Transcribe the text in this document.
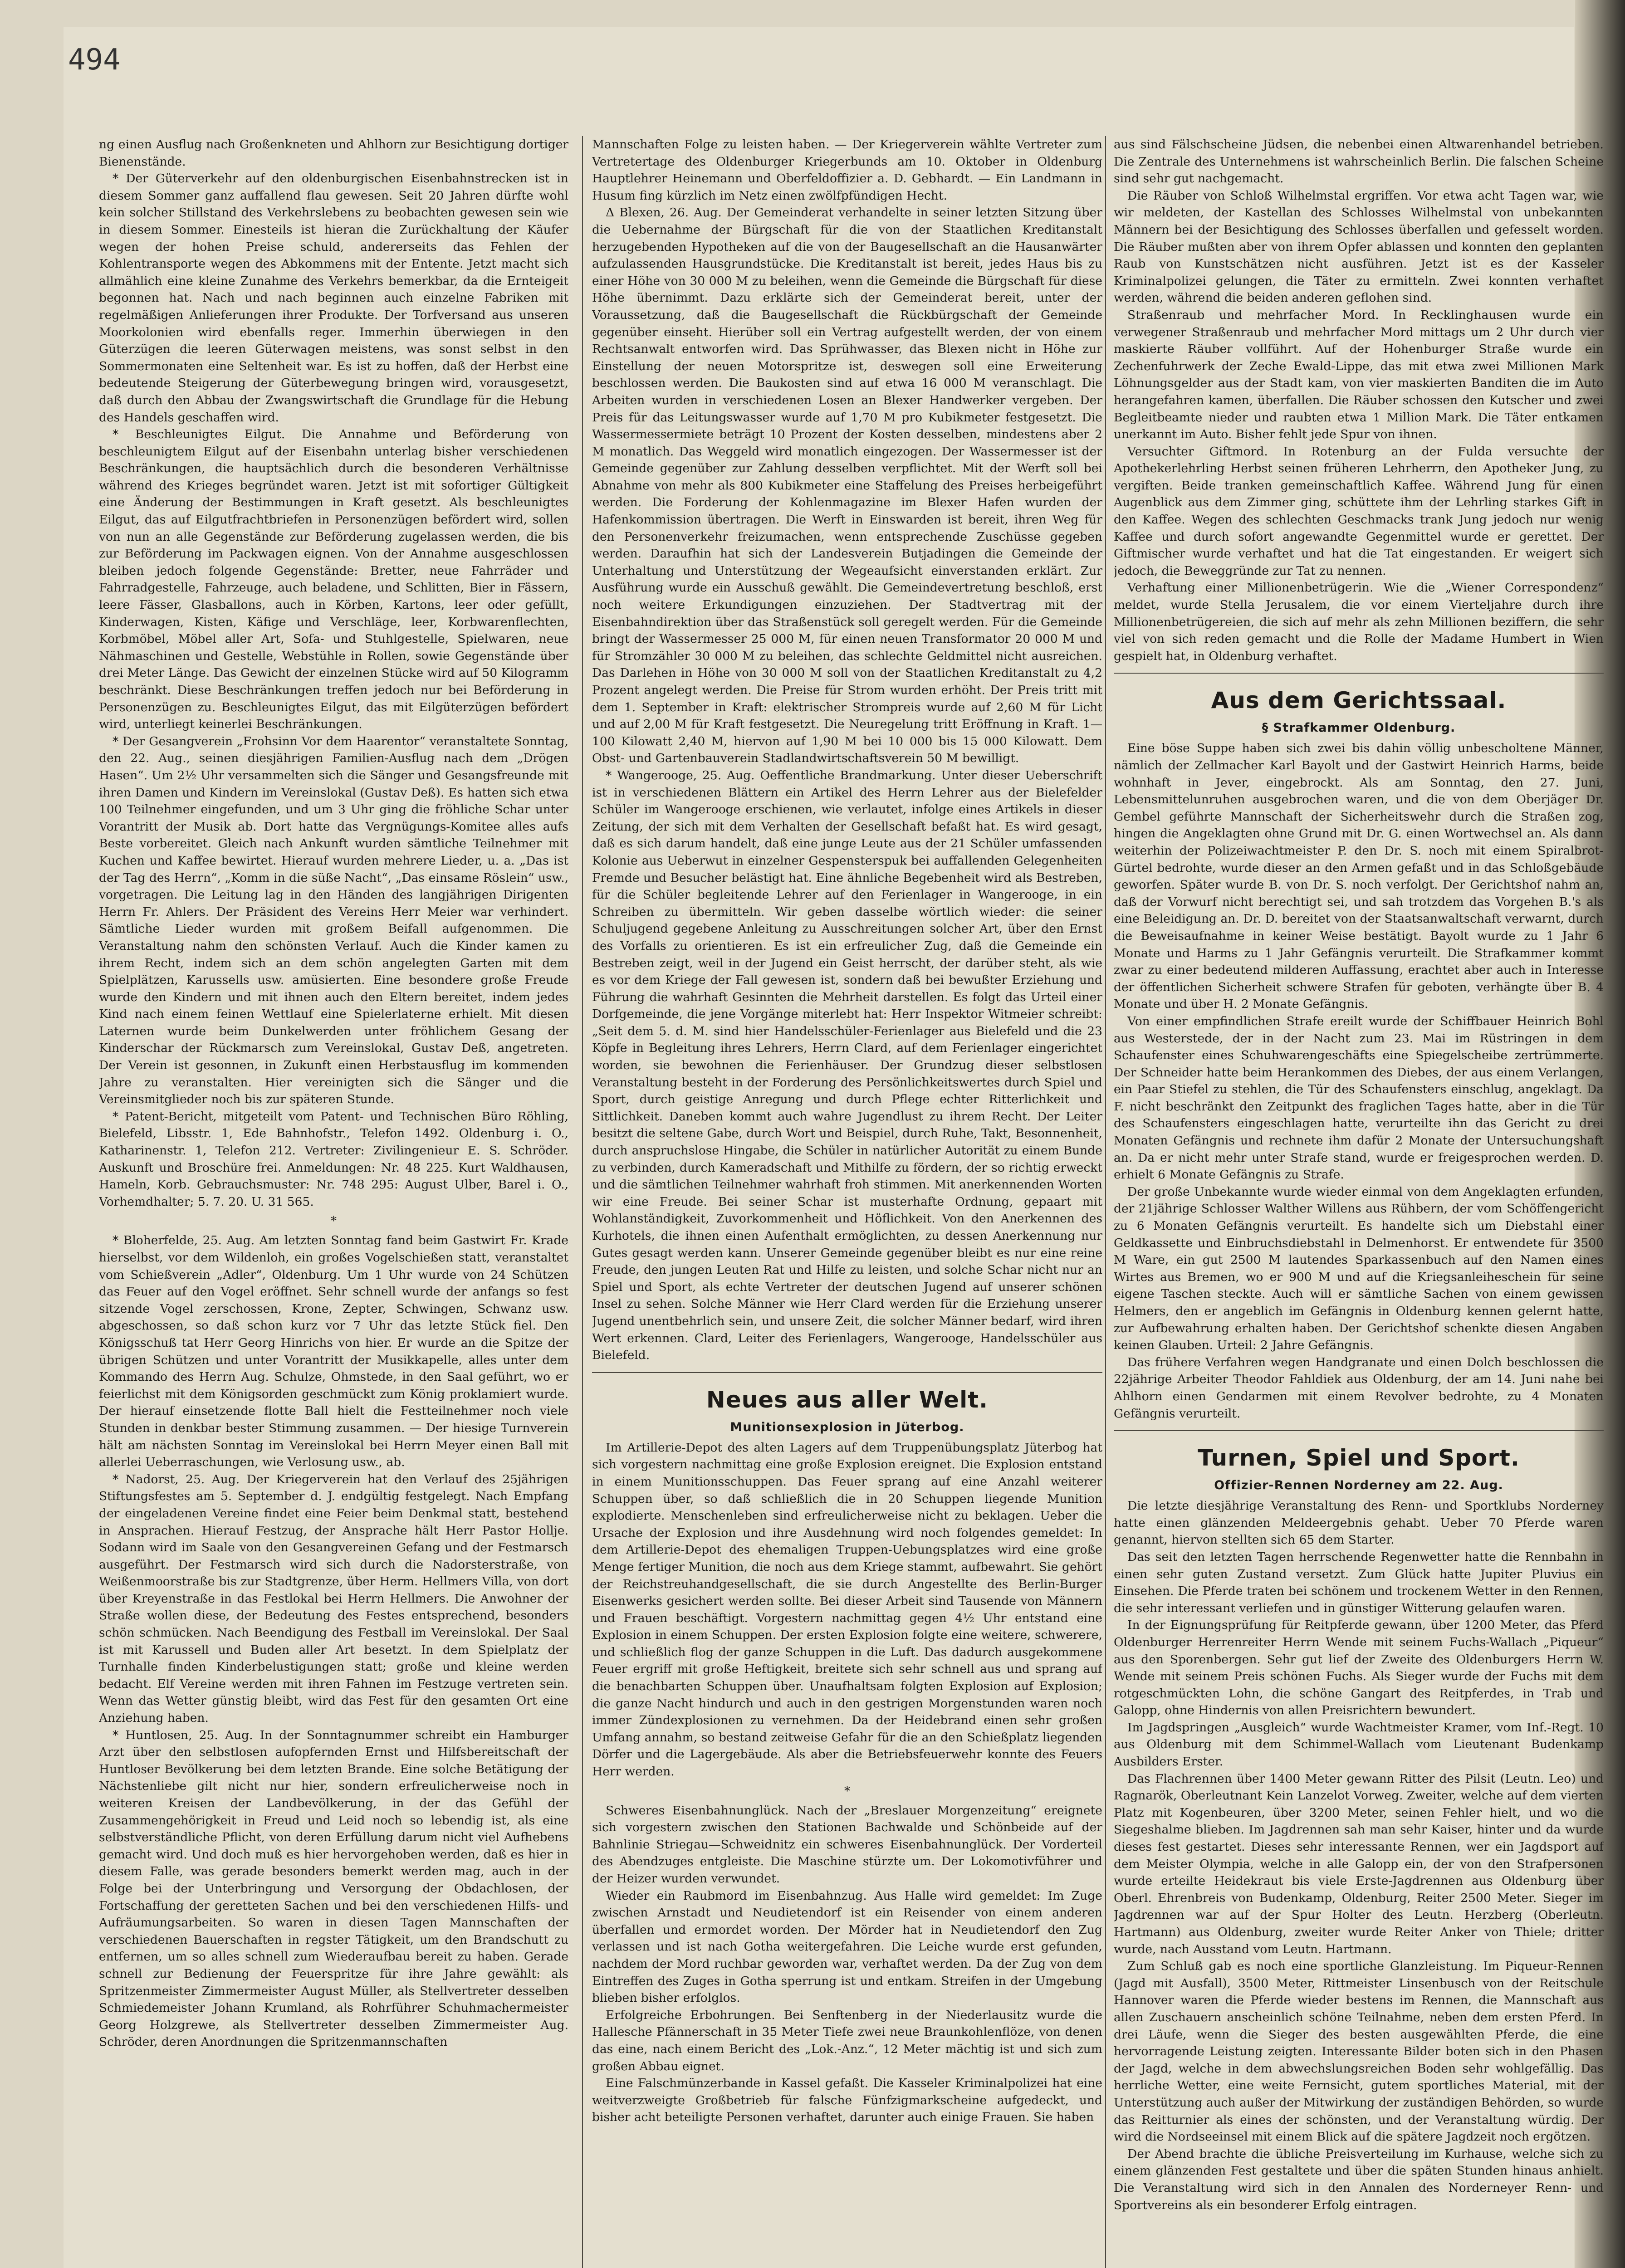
494

ng einen Ausflug nach Großenkneten und Ahlhorn zur Besichtigung dortiger Bienenstände.

* Der Güterverkehr auf den oldenburgischen Eisenbahnstrecken ist in diesem Sommer ganz auffallend flau gewesen. Seit 20 Jahren dürfte wohl kein solcher Stillstand des Verkehrslebens zu beobachten gewesen sein wie in diesem Sommer. Einesteils ist hieran die Zurückhaltung der Käufer wegen der hohen Preise schuld, andererseits das Fehlen der Kohlentransporte wegen des Abkommens mit der Entente. Jetzt macht sich allmählich eine kleine Zunahme des Verkehrs bemerkbar, da die Ernteigeit begonnen hat. Nach und nach beginnen auch einzelne Fabriken mit regelmäßigen Anlieferungen ihrer Produkte. Der Torfversand aus unseren Moorkolonien wird ebenfalls reger. Immerhin überwiegen in den Güterzügen die leeren Güterwagen meistens, was sonst selbst in den Sommermonaten eine Seltenheit war. Es ist zu hoffen, daß der Herbst eine bedeutende Steigerung der Güterbewegung bringen wird, vorausgesetzt, daß durch den Abbau der Zwangswirtschaft die Grundlage für die Hebung des Handels geschaffen wird.

* Beschleunigtes Eilgut. Die Annahme und Beförderung von beschleunigtem Eilgut auf der Eisenbahn unterlag bisher verschiedenen Beschränkungen, die hauptsächlich durch die besonderen Verhältnisse während des Krieges begründet waren. Jetzt ist mit sofortiger Gültigkeit eine Änderung der Bestimmungen in Kraft gesetzt. Als beschleunigtes Eilgut, das auf Eilgutfrachtbriefen in Personenzügen befördert wird, sollen von nun an alle Gegenstände zur Beförderung zugelassen werden, die bis zur Beförderung im Packwagen eignen. Von der Annahme ausgeschlossen bleiben jedoch folgende Gegenstände: Bretter, neue Fahrräder und Fahrradgestelle, Fahrzeuge, auch beladene, und Schlitten, Bier in Fässern, leere Fässer, Glasballons, auch in Körben, Kartons, leer oder gefüllt, Kinderwagen, Kisten, Käfige und Verschläge, leer, Korbwarenflechten, Korbmöbel, Möbel aller Art, Sofa- und Stuhlgestelle, Spielwaren, neue Nähmaschinen und Gestelle, Webstühle in Rollen, sowie Gegenstände über drei Meter Länge. Das Gewicht der einzelnen Stücke wird auf 50 Kilogramm beschränkt. Diese Beschränkungen treffen jedoch nur bei Beförderung in Personenzügen zu. Beschleunigtes Eilgut, das mit Eilgüterzügen befördert wird, unterliegt keinerlei Beschränkungen.

* Der Gesangverein „Frohsinn Vor dem Haarentor“ veranstaltete Sonntag, den 22. Aug., seinen diesjährigen Familien-Ausflug nach dem „Drögen Hasen“. Um 2½ Uhr versammelten sich die Sänger und Gesangsfreunde mit ihren Damen und Kindern im Vereinslokal (Gustav Deß). Es hatten sich etwa 100 Teilnehmer eingefunden, und um 3 Uhr ging die fröhliche Schar unter Vorantritt der Musik ab. Dort hatte das Vergnügungs-Komitee alles aufs Beste vorbereitet. Gleich nach Ankunft wurden sämtliche Teilnehmer mit Kuchen und Kaffee bewirtet. Hierauf wurden mehrere Lieder, u. a. „Das ist der Tag des Herrn“, „Komm in die süße Nacht“, „Das einsame Röslein“ usw., vorgetragen. Die Leitung lag in den Händen des langjährigen Dirigenten Herrn Fr. Ahlers. Der Präsident des Vereins Herr Meier war verhindert. Sämtliche Lieder wurden mit großem Beifall aufgenommen. Die Veranstaltung nahm den schönsten Verlauf. Auch die Kinder kamen zu ihrem Recht, indem sich an dem schön angelegten Garten mit dem Spielplätzen, Karussells usw. amüsierten. Eine besondere große Freude wurde den Kindern und mit ihnen auch den Eltern bereitet, indem jedes Kind nach einem feinen Wettlauf eine Spielerlaterne erhielt. Mit diesen Laternen wurde beim Dunkelwerden unter fröhlichem Gesang der Kinderschar der Rückmarsch zum Vereinslokal, Gustav Deß, angetreten. Der Verein ist gesonnen, in Zukunft einen Herbstausflug im kommenden Jahre zu veranstalten. Hier vereinigten sich die Sänger und die Vereinsmitglieder noch bis zur späteren Stunde.

* Patent-Bericht, mitgeteilt vom Patent- und Technischen Büro Röhling, Bielefeld, Libsstr. 1, Ede Bahnhofstr., Telefon 1492. Oldenburg i. O., Katharinenstr. 1, Telefon 212. Vertreter: Zivilingenieur E. S. Schröder. Auskunft und Broschüre frei. Anmeldungen: Nr. 48 225. Kurt Waldhausen, Hameln, Korb. Gebrauchsmuster: Nr. 748 295: August Ulber, Barel i. O., Vorhemdhalter; 5. 7. 20. U. 31 565.

*

* Bloherfelde, 25. Aug. Am letzten Sonntag fand beim Gastwirt Fr. Krade hierselbst, vor dem Wildenloh, ein großes Vogelschießen statt, veranstaltet vom Schießverein „Adler“, Oldenburg. Um 1 Uhr wurde von 24 Schützen das Feuer auf den Vogel eröffnet. Sehr schnell wurde der anfangs so fest sitzende Vogel zerschossen, Krone, Zepter, Schwingen, Schwanz usw. abgeschossen, so daß schon kurz vor 7 Uhr das letzte Stück fiel. Den Königsschuß tat Herr Georg Hinrichs von hier. Er wurde an die Spitze der übrigen Schützen und unter Vorantritt der Musikkapelle, alles unter dem Kommando des Herrn Aug. Schulze, Ohmstede, in den Saal geführt, wo er feierlichst mit dem Königsorden geschmückt zum König proklamiert wurde. Der hierauf einsetzende flotte Ball hielt die Festteilnehmer noch viele Stunden in denkbar bester Stimmung zusammen. — Der hiesige Turnverein hält am nächsten Sonntag im Vereinslokal bei Herrn Meyer einen Ball mit allerlei Ueberraschungen, wie Verlosung usw., ab.

* Nadorst, 25. Aug. Der Kriegerverein hat den Verlauf des 25jährigen Stiftungsfestes am 5. September d. J. endgültig festgelegt. Nach Empfang der eingeladenen Vereine findet eine Feier beim Denkmal statt, bestehend in Ansprachen. Hierauf Festzug, der Ansprache hält Herr Pastor Hollje. Sodann wird im Saale von den Gesangvereinen Gefang und der Festmarsch ausgeführt. Der Festmarsch wird sich durch die Nadorsterstraße, von Weißenmoorstraße bis zur Stadtgrenze, über Herm. Hellmers Villa, von dort über Kreyenstraße in das Festlokal bei Herrn Hellmers. Die Anwohner der Straße wollen diese, der Bedeutung des Festes entsprechend, besonders schön schmücken. Nach Beendigung des Festball im Vereinslokal. Der Saal ist mit Karussell und Buden aller Art besetzt. In dem Spielplatz der Turnhalle finden Kinderbelustigungen statt; große und kleine werden bedacht. Elf Vereine werden mit ihren Fahnen im Festzuge vertreten sein. Wenn das Wetter günstig bleibt, wird das Fest für den gesamten Ort eine Anziehung haben.

* Huntlosen, 25. Aug. In der Sonntagnummer schreibt ein Hamburger Arzt über den selbstlosen aufopfernden Ernst und Hilfsbereitschaft der Huntloser Bevölkerung bei dem letzten Brande. Eine solche Betätigung der Nächstenliebe gilt nicht nur hier, sondern erfreulicherweise noch in weiteren Kreisen der Landbevölkerung, in der das Gefühl der Zusammengehörigkeit in Freud und Leid noch so lebendig ist, als eine selbstverständliche Pflicht, von deren Erfüllung darum nicht viel Aufhebens gemacht wird. Und doch muß es hier hervorgehoben werden, daß es hier in diesem Falle, was gerade besonders bemerkt werden mag, auch in der Folge bei der Unterbringung und Versorgung der Obdachlosen, der Fortschaffung der geretteten Sachen und bei den verschiedenen Hilfs- und Aufräumungsarbeiten. So waren in diesen Tagen Mannschaften der verschiedenen Bauerschaften in regster Tätigkeit, um den Brandschutt zu entfernen, um so alles schnell zum Wiederaufbau bereit zu haben. Gerade schnell zur Bedienung der Feuerspritze für ihre Jahre gewählt: als Spritzenmeister Zimmermeister August Müller, als Stellvertreter desselben Schmiedemeister Johann Krumland, als Rohrführer Schuhmachermeister Georg Holzgrewe, als Stellvertreter desselben Zimmermeister Aug. Schröder, deren Anordnungen die Spritzenmannschaften

Mannschaften Folge zu leisten haben. — Der Kriegerverein wählte Vertreter zum Vertretertage des Oldenburger Kriegerbunds am 10. Oktober in Oldenburg Hauptlehrer Heinemann und Oberfeldoffizier a. D. Gebhardt. — Ein Landmann in Husum fing kürzlich im Netz einen zwölfpfündigen Hecht.

Δ Blexen, 26. Aug. Der Gemeinderat verhandelte in seiner letzten Sitzung über die Uebernahme der Bürgschaft für die von der Staatlichen Kreditanstalt herzugebenden Hypotheken auf die von der Baugesellschaft an die Hausanwärter aufzulassenden Hausgrundstücke. Die Kreditanstalt ist bereit, jedes Haus bis zu einer Höhe von 30 000 M zu beleihen, wenn die Gemeinde die Bürgschaft für diese Höhe übernimmt. Dazu erklärte sich der Gemeinderat bereit, unter der Voraussetzung, daß die Baugesellschaft die Rückbürgschaft der Gemeinde gegenüber einseht. Hierüber soll ein Vertrag aufgestellt werden, der von einem Rechtsanwalt entworfen wird. Das Sprühwasser, das Blexen nicht in Höhe zur Einstellung der neuen Motorspritze ist, deswegen soll eine Erweiterung beschlossen werden. Die Baukosten sind auf etwa 16 000 M veranschlagt. Die Arbeiten wurden in verschiedenen Losen an Blexer Handwerker vergeben. Der Preis für das Leitungswasser wurde auf 1,70 M pro Kubikmeter festgesetzt. Die Wassermessermiete beträgt 10 Prozent der Kosten desselben, mindestens aber 2 M monatlich. Das Weggeld wird monatlich eingezogen. Der Wassermesser ist der Gemeinde gegenüber zur Zahlung desselben verpflichtet. Mit der Werft soll bei Abnahme von mehr als 800 Kubikmeter eine Staffelung des Preises herbeigeführt werden. Die Forderung der Kohlenmagazine im Blexer Hafen wurden der Hafenkommission übertragen. Die Werft in Einswarden ist bereit, ihren Weg für den Personenverkehr freizumachen, wenn entsprechende Zuschüsse gegeben werden. Daraufhin hat sich der Landesverein Butjadingen die Gemeinde der Unterhaltung und Unterstützung der Wegeaufsicht einverstanden erklärt. Zur Ausführung wurde ein Ausschuß gewählt. Die Gemeindevertretung beschloß, erst noch weitere Erkundigungen einzuziehen. Der Stadtvertrag mit der Eisenbahndirektion über das Straßenstück soll geregelt werden. Für die Gemeinde bringt der Wassermesser 25 000 M, für einen neuen Transformator 20 000 M und für Stromzähler 30 000 M zu beleihen, das schlechte Geldmittel nicht ausreichen. Das Darlehen in Höhe von 30 000 M soll von der Staatlichen Kreditanstalt zu 4,2 Prozent angelegt werden. Die Preise für Strom wurden erhöht. Der Preis tritt mit dem 1. September in Kraft: elektrischer Strompreis wurde auf 2,60 M für Licht und auf 2,00 M für Kraft festgesetzt. Die Neuregelung tritt Eröffnung in Kraft. 1—100 Kilowatt 2,40 M, hiervon auf 1,90 M bei 10 000 bis 15 000 Kilowatt. Dem Obst- und Gartenbauverein Stadlandwirtschaftsverein 50 M bewilligt.

* Wangerooge, 25. Aug. Oeffentliche Brandmarkung. Unter dieser Ueberschrift ist in verschiedenen Blättern ein Artikel des Herrn Lehrer aus der Bielefelder Schüler im Wangerooge erschienen, wie verlautet, infolge eines Artikels in dieser Zeitung, der sich mit dem Verhalten der Gesellschaft befaßt hat. Es wird gesagt, daß es sich darum handelt, daß eine junge Leute aus der 21 Schüler umfassenden Kolonie aus Ueberwut in einzelner Gespensterspuk bei auffallenden Gelegenheiten Fremde und Besucher belästigt hat. Eine ähnliche Begebenheit wird als Bestreben, für die Schüler begleitende Lehrer auf den Ferienlager in Wangerooge, in ein Schreiben zu übermitteln. Wir geben dasselbe wörtlich wieder: die seiner Schuljugend gegebene Anleitung zu Ausschreitungen solcher Art, über den Ernst des Vorfalls zu orientieren. Es ist ein erfreulicher Zug, daß die Gemeinde ein Bestreben zeigt, weil in der Jugend ein Geist herrscht, der darüber steht, als wie es vor dem Kriege der Fall gewesen ist, sondern daß bei bewußter Erziehung und Führung die wahrhaft Gesinnten die Mehrheit darstellen. Es folgt das Urteil einer Dorfgemeinde, die jene Vorgänge miterlebt hat: Herr Inspektor Witmeier schreibt: „Seit dem 5. d. M. sind hier Handelsschüler-Ferienlager aus Bielefeld und die 23 Köpfe in Begleitung ihres Lehrers, Herrn Clard, auf dem Ferienlager eingerichtet worden, sie bewohnen die Ferienhäuser. Der Grundzug dieser selbstlosen Veranstaltung besteht in der Forderung des Persönlichkeitswertes durch Spiel und Sport, durch geistige Anregung und durch Pflege echter Ritterlichkeit und Sittlichkeit. Daneben kommt auch wahre Jugendlust zu ihrem Recht. Der Leiter besitzt die seltene Gabe, durch Wort und Beispiel, durch Ruhe, Takt, Besonnenheit, durch anspruchslose Hingabe, die Schüler in natürlicher Autorität zu einem Bunde zu verbinden, durch Kameradschaft und Mithilfe zu fördern, der so richtig erweckt und die sämtlichen Teilnehmer wahrhaft froh stimmen. Mit anerkennenden Worten wir eine Freude. Bei seiner Schar ist musterhafte Ordnung, gepaart mit Wohlanständigkeit, Zuvorkommenheit und Höflichkeit. Von den Anerkennen des Kurhotels, die ihnen einen Aufenthalt ermöglichten, zu dessen Anerkennung nur Gutes gesagt werden kann. Unserer Gemeinde gegenüber bleibt es nur eine reine Freude, den jungen Leuten Rat und Hilfe zu leisten, und solche Schar nicht nur an Spiel und Sport, als echte Vertreter der deutschen Jugend auf unserer schönen Insel zu sehen. Solche Männer wie Herr Clard werden für die Erziehung unserer Jugend unentbehrlich sein, und unsere Zeit, die solcher Männer bedarf, wird ihren Wert erkennen. Clard, Leiter des Ferienlagers, Wangerooge, Handelsschüler aus Bielefeld.

Neues aus aller Welt.
Munitionsexplosion in Jüterbog.

Im Artillerie-Depot des alten Lagers auf dem Truppenübungsplatz Jüterbog hat sich vorgestern nachmittag eine große Explosion ereignet. Die Explosion entstand in einem Munitionsschuppen. Das Feuer sprang auf eine Anzahl weiterer Schuppen über, so daß schließlich die in 20 Schuppen liegende Munition explodierte. Menschenleben sind erfreulicherweise nicht zu beklagen. Ueber die Ursache der Explosion und ihre Ausdehnung wird noch folgendes gemeldet: In dem Artillerie-Depot des ehemaligen Truppen-Uebungsplatzes wird eine große Menge fertiger Munition, die noch aus dem Kriege stammt, aufbewahrt. Sie gehört der Reichstreuhandgesellschaft, die sie durch Angestellte des Berlin-Burger Eisenwerks gesichert werden sollte. Bei dieser Arbeit sind Tausende von Männern und Frauen beschäftigt. Vorgestern nachmittag gegen 4½ Uhr entstand eine Explosion in einem Schuppen. Der ersten Explosion folgte eine weitere, schwerere, und schließlich flog der ganze Schuppen in die Luft. Das dadurch ausgekommene Feuer ergriff mit große Heftigkeit, breitete sich sehr schnell aus und sprang auf die benachbarten Schuppen über. Unaufhaltsam folgten Explosion auf Explosion; die ganze Nacht hindurch und auch in den gestrigen Morgenstunden waren noch immer Zündexplosionen zu vernehmen. Da der Heidebrand einen sehr großen Umfang annahm, so bestand zeitweise Gefahr für die an den Schießplatz liegenden Dörfer und die Lagergebäude. Als aber die Betriebsfeuerwehr konnte des Feuers Herr werden.

*

Schweres Eisenbahnunglück. Nach der „Breslauer Morgenzeitung“ ereignete sich vorgestern zwischen den Stationen Bachwalde und Schönbeide auf der Bahnlinie Striegau—Schweidnitz ein schweres Eisenbahnunglück. Der Vorderteil des Abendzuges entgleiste. Die Maschine stürzte um. Der Lokomotivführer und der Heizer wurden verwundet.

Wieder ein Raubmord im Eisenbahnzug. Aus Halle wird gemeldet: Im Zuge zwischen Arnstadt und Neudietendorf ist ein Reisender von einem anderen überfallen und ermordet worden. Der Mörder hat in Neudietendorf den Zug verlassen und ist nach Gotha weitergefahren. Die Leiche wurde erst gefunden, nachdem der Mord ruchbar geworden war, verhaftet werden. Da der Zug von dem Eintreffen des Zuges in Gotha sperrung ist und entkam. Streifen in der Umgebung blieben bisher erfolglos.

Erfolgreiche Erbohrungen. Bei Senftenberg in der Niederlausitz wurde die Hallesche Pfännerschaft in 35 Meter Tiefe zwei neue Braunkohlenflöze, von denen das eine, nach einem Bericht des „Lok.-Anz.“, 12 Meter mächtig ist und sich zum großen Abbau eignet.

Eine Falschmünzerbande in Kassel gefaßt. Die Kasseler Kriminalpolizei hat eine weitverzweigte Großbetrieb für falsche Fünfzigmarkscheine aufgedeckt, und bisher acht beteiligte Personen verhaftet, darunter auch einige Frauen. Sie haben

aus sind Fälschscheine Jüdsen, die nebenbei einen Altwarenhandel betrieben. Die Zentrale des Unternehmens ist wahrscheinlich Berlin. Die falschen Scheine sind sehr gut nachgemacht.

Die Räuber von Schloß Wilhelmstal ergriffen. Vor etwa acht Tagen war, wie wir meldeten, der Kastellan des Schlosses Wilhelmstal von unbekannten Männern bei der Besichtigung des Schlosses überfallen und gefesselt worden. Die Räuber mußten aber von ihrem Opfer ablassen und konnten den geplanten Raub von Kunstschätzen nicht ausführen. Jetzt ist es der Kasseler Kriminalpolizei gelungen, die Täter zu ermitteln. Zwei konnten verhaftet werden, während die beiden anderen geflohen sind.

Straßenraub und mehrfacher Mord. In Recklinghausen wurde ein verwegener Straßenraub und mehrfacher Mord mittags um 2 Uhr durch vier maskierte Räuber vollführt. Auf der Hohenburger Straße wurde ein Zechenfuhrwerk der Zeche Ewald-Lippe, das mit etwa zwei Millionen Mark Löhnungsgelder aus der Stadt kam, von vier maskierten Banditen die im Auto herangefahren kamen, überfallen. Die Räuber schossen den Kutscher und zwei Begleitbeamte nieder und raubten etwa 1 Million Mark. Die Täter entkamen unerkannt im Auto. Bisher fehlt jede Spur von ihnen.

Versuchter Giftmord. In Rotenburg an der Fulda versuchte der Apothekerlehrling Herbst seinen früheren Lehrherrn, den Apotheker Jung, zu vergiften. Beide tranken gemeinschaftlich Kaffee. Während Jung für einen Augenblick aus dem Zimmer ging, schüttete ihm der Lehrling starkes Gift in den Kaffee. Wegen des schlechten Geschmacks trank Jung jedoch nur wenig Kaffee und durch sofort angewandte Gegenmittel wurde er gerettet. Der Giftmischer wurde verhaftet und hat die Tat eingestanden. Er weigert sich jedoch, die Beweggründe zur Tat zu nennen.

Verhaftung einer Millionenbetrügerin. Wie die „Wiener Correspondenz“ meldet, wurde Stella Jerusalem, die vor einem Vierteljahre durch ihre Millionenbetrügereien, die sich auf mehr als zehn Millionen beziffern, die sehr viel von sich reden gemacht und die Rolle der Madame Humbert in Wien gespielt hat, in Oldenburg verhaftet.

Aus dem Gerichtssaal.
§ Strafkammer Oldenburg.

Eine böse Suppe haben sich zwei bis dahin völlig unbescholtene Männer, nämlich der Zellmacher Karl Bayolt und der Gastwirt Heinrich Harms, beide wohnhaft in Jever, eingebrockt. Als am Sonntag, den 27. Juni, Lebensmittelunruhen ausgebrochen waren, und die von dem Oberjäger Dr. Gembel geführte Mannschaft der Sicherheitswehr durch die Straßen zog, hingen die Angeklagten ohne Grund mit Dr. G. einen Wortwechsel an. Als dann weiterhin der Polizeiwachtmeister P. den Dr. S. noch mit einem Spiralbrot-Gürtel bedrohte, wurde dieser an den Armen gefaßt und in das Schloßgebäude geworfen. Später wurde B. von Dr. S. noch verfolgt. Der Gerichtshof nahm an, daß der Vorwurf nicht berechtigt sei, und sah trotzdem das Vorgehen B.'s als eine Beleidigung an. Dr. D. bereitet von der Staatsanwaltschaft verwarnt, durch die Beweisaufnahme in keiner Weise bestätigt. Bayolt wurde zu 1 Jahr 6 Monate und Harms zu 1 Jahr Gefängnis verurteilt. Die Strafkammer kommt zwar zu einer bedeutend milderen Auffassung, erachtet aber auch in Interesse der öffentlichen Sicherheit schwere Strafen für geboten, verhängte über B. 4 Monate und über H. 2 Monate Gefängnis.

Von einer empfindlichen Strafe ereilt wurde der Schiffbauer Heinrich Bohl aus Westerstede, der in der Nacht zum 23. Mai im Rüstringen in dem Schaufenster eines Schuhwarengeschäfts eine Spiegelscheibe zertrümmerte. Der Schneider hatte beim Herankommen des Diebes, der aus einem Verlangen, ein Paar Stiefel zu stehlen, die Tür des Schaufensters einschlug, angeklagt. Da F. nicht beschränkt den Zeitpunkt des fraglichen Tages hatte, aber in die Tür des Schaufensters eingeschlagen hatte, verurteilte ihn das Gericht zu drei Monaten Gefängnis und rechnete ihm dafür 2 Monate der Untersuchungshaft an. Da er nicht mehr unter Strafe stand, wurde er freigesprochen werden. D. erhielt 6 Monate Gefängnis zu Strafe.

Der große Unbekannte wurde wieder einmal von dem Angeklagten erfunden, der 21jährige Schlosser Walther Willens aus Rühbern, der vom Schöffengericht zu 6 Monaten Gefängnis verurteilt. Es handelte sich um Diebstahl einer Geldkassette und Einbruchsdiebstahl in Delmenhorst. Er entwendete für 3500 M Ware, ein gut 2500 M lautendes Sparkassenbuch auf den Namen eines Wirtes aus Bremen, wo er 900 M und auf die Kriegsanleiheschein für seine eigene Taschen steckte. Auch will er sämtliche Sachen von einem gewissen Helmers, den er angeblich im Gefängnis in Oldenburg kennen gelernt hatte, zur Aufbewahrung erhalten haben. Der Gerichtshof schenkte diesen Angaben keinen Glauben. Urteil: 2 Jahre Gefängnis.

Das frühere Verfahren wegen Handgranate und einen Dolch beschlossen die 22jährige Arbeiter Theodor Fahldiek aus Oldenburg, der am 14. Juni nahe bei Ahlhorn einen Gendarmen mit einem Revolver bedrohte, zu 4 Monaten Gefängnis verurteilt.

Turnen, Spiel und Sport.
Offizier-Rennen Norderney am 22. Aug.

Die letzte diesjährige Veranstaltung des Renn- und Sportklubs Norderney hatte einen glänzenden Meldeergebnis gehabt. Ueber 70 Pferde waren genannt, hiervon stellten sich 65 dem Starter.

Das seit den letzten Tagen herrschende Regenwetter hatte die Rennbahn in einen sehr guten Zustand versetzt. Zum Glück hatte Jupiter Pluvius ein Einsehen. Die Pferde traten bei schönem und trockenem Wetter in den Rennen, die sehr interessant verliefen und in günstiger Witterung gelaufen waren.

In der Eignungsprüfung für Reitpferde gewann, über 1200 Meter, das Pferd Oldenburger Herrenreiter Herrn Wende mit seinem Fuchs-Wallach „Piqueur“ aus den Sporenbergen. Sehr gut lief der Zweite des Oldenburgers Herrn W. Wende mit seinem Preis schönen Fuchs. Als Sieger wurde der Fuchs mit dem rotgeschmückten Lohn, die schöne Gangart des Reitpferdes, in Trab und Galopp, ohne Hindernis von allen Preisrichtern bewundert.

Im Jagdspringen „Ausgleich“ wurde Wachtmeister Kramer, vom Inf.-Regt. 10 aus Oldenburg mit dem Schimmel-Wallach vom Lieutenant Budenkamp Ausbilders Erster.

Das Flachrennen über 1400 Meter gewann Ritter des Pilsit (Leutn. Leo) und Ragnarök, Oberleutnant Kein Lanzelot Vorweg. Zweiter, welche auf dem vierten Platz mit Kogenbeuren, über 3200 Meter, seinen Fehler hielt, und wo die Siegeshalme blieben. Im Jagdrennen sah man sehr Kaiser, hinter und da wurde dieses fest gestartet. Dieses sehr interessante Rennen, wer ein Jagdsport auf dem Meister Olympia, welche in alle Galopp ein, der von den Strafpersonen wurde erteilte Heidekraut bis viele Erste-Jagdrennen aus Oldenburg über Oberl. Ehrenbreis von Budenkamp, Oldenburg, Reiter 2500 Meter. Sieger im Jagdrennen war auf der Spur Holter des Leutn. Herzberg (Oberleutn. Hartmann) aus Oldenburg, zweiter wurde Reiter Anker von Thiele; dritter wurde, nach Ausstand vom Leutn. Hartmann.

Zum Schluß gab es noch eine sportliche Glanzleistung. Im Piqueur-Rennen (Jagd mit Ausfall), 3500 Meter, Rittmeister Linsenbusch von der Reitschule Hannover waren die Pferde wieder bestens im Rennen, die Mannschaft aus allen Zuschauern anscheinlich schöne Teilnahme, neben dem ersten Pferd. In drei Läufe, wenn die Sieger des besten ausgewählten Pferde, die eine hervorragende Leistung zeigten. Interessante Bilder boten sich in den Phasen der Jagd, welche in dem abwechslungsreichen Boden sehr wohlgefällig. Das herrliche Wetter, eine weite Fernsicht, gutem sportliches Material, mit der Unterstützung auch außer der Mitwirkung der zuständigen Behörden, so wurde das Reitturnier als eines der schönsten, und der Veranstaltung würdig. Der wird die Nordseeinsel mit einem Blick auf die spätere Jagdzeit noch ergötzen.

Der Abend brachte die übliche Preisverteilung im Kurhause, welche sich zu einem glänzenden Fest gestaltete und über die späten Stunden hinaus anhielt. Die Veranstaltung wird sich in den Annalen des Norderneyer Renn- und Sportvereins als ein besonderer Erfolg eintragen.
